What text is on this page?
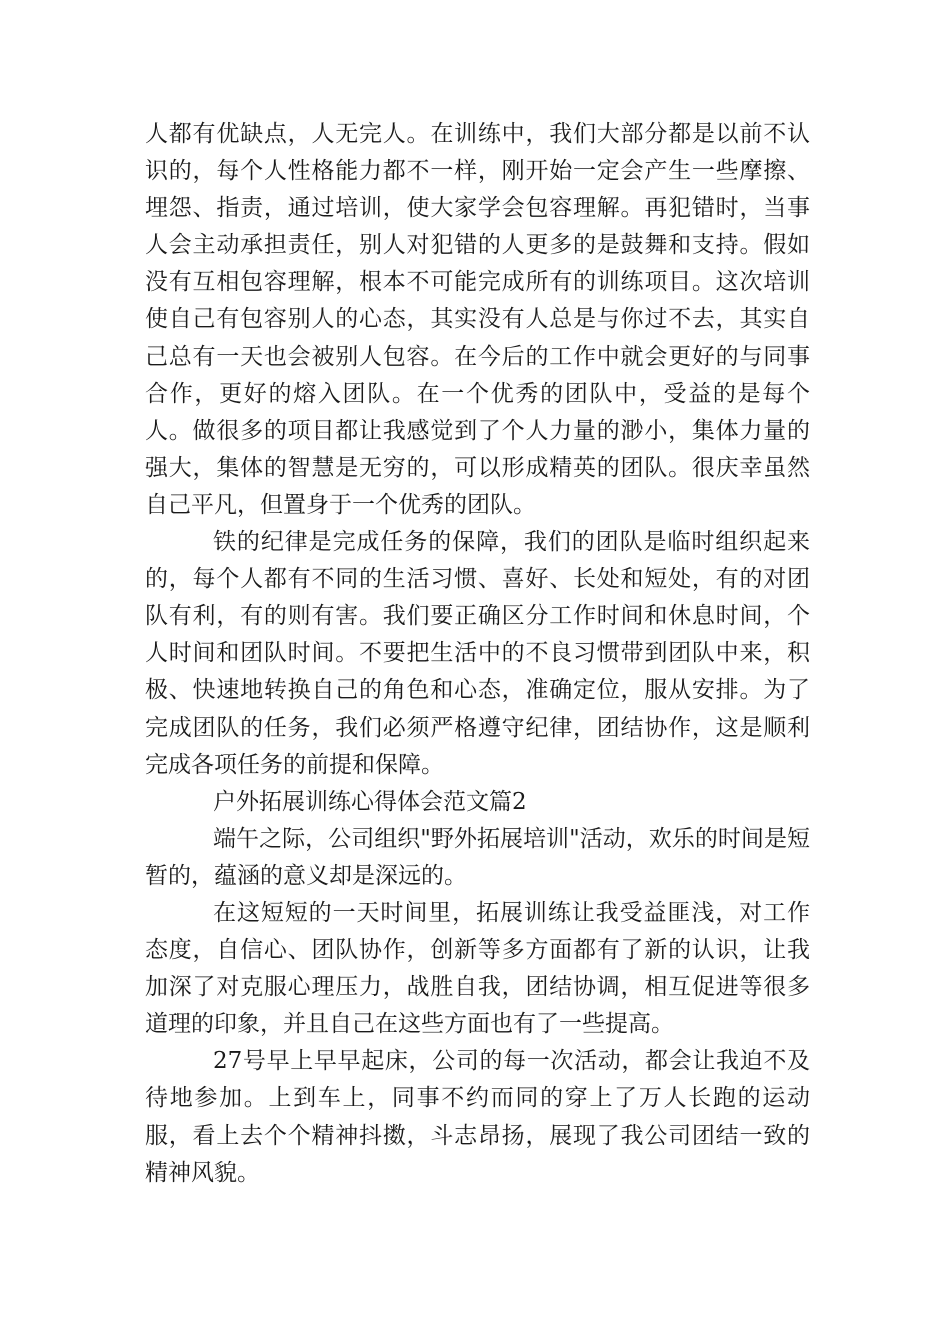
人都有优缺点，人无完人。在训练中，我们大部分都是以前不认识的，每个人性格能力都不一样，刚开始一定会产生一些摩擦、埋怨、指责，通过培训，使大家学会包容理解。再犯错时，当事人会主动承担责任，别人对犯错的人更多的是鼓舞和支持。假如没有互相包容理解，根本不可能完成所有的训练项目。这次培训使自己有包容别人的心态，其实没有人总是与你过不去，其实自己总有一天也会被别人包容。在今后的工作中就会更好的与同事合作，更好的熔入团队。在一个优秀的团队中，受益的是每个人。做很多的项目都让我感觉到了个人力量的渺小，集体力量的强大，集体的智慧是无穷的，可以形成精英的团队。很庆幸虽然自己平凡，但置身于一个优秀的团队。

铁的纪律是完成任务的保障，我们的团队是临时组织起来的，每个人都有不同的生活习惯、喜好、长处和短处，有的对团队有利，有的则有害。我们要正确区分工作时间和休息时间，个人时间和团队时间。不要把生活中的不良习惯带到团队中来，积极、快速地转换自己的角色和心态，准确定位，服从安排。为了完成团队的任务，我们必须严格遵守纪律，团结协作，这是顺利完成各项任务的前提和保障。

户外拓展训练心得体会范文篇2

端午之际，公司组织"野外拓展培训"活动，欢乐的时间是短暂的，蕴涵的意义却是深远的。

在这短短的一天时间里，拓展训练让我受益匪浅，对工作态度，自信心、团队协作，创新等多方面都有了新的认识，让我加深了对克服心理压力，战胜自我，团结协调，相互促进等很多道理的印象，并且自己在这些方面也有了一些提高。

27号早上早早起床，公司的每一次活动，都会让我迫不及待地参加。上到车上，同事不约而同的穿上了万人长跑的运动服，看上去个个精神抖擞，斗志昂扬，展现了我公司团结一致的精神风貌。
